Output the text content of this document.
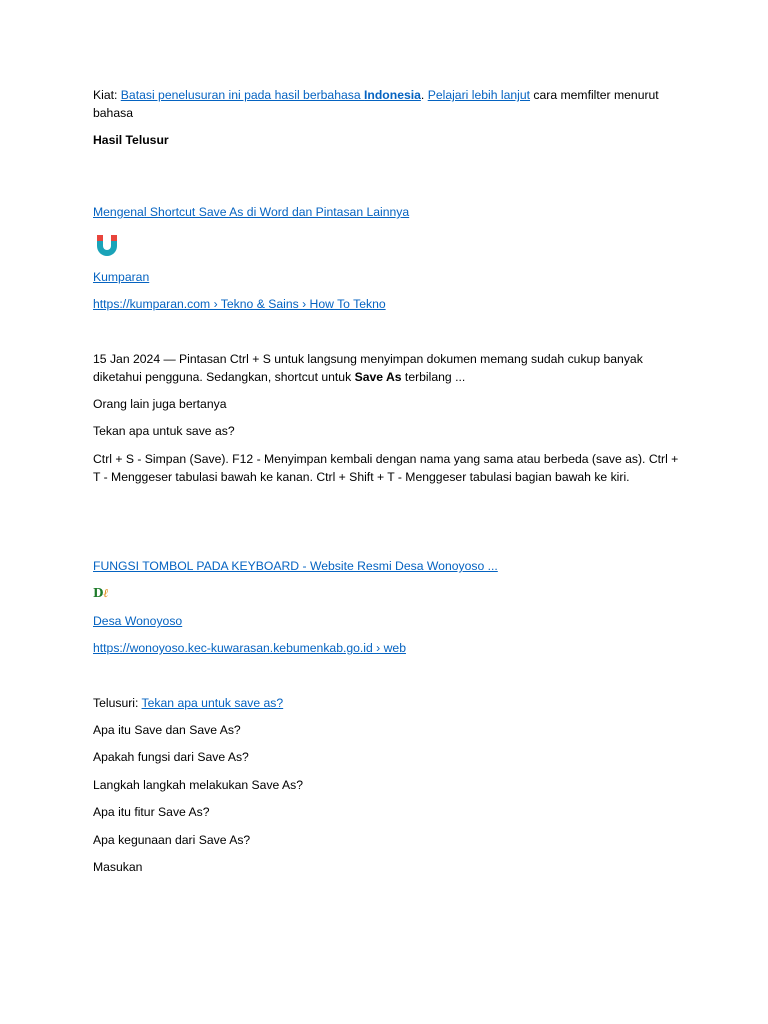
Kiat: Batasi penelusuran ini pada hasil berbahasa Indonesia. Pelajari lebih lanjut cara memfilter menurut bahasa
Hasil Telusur
Mengenal Shortcut Save As di Word dan Pintasan Lainnya
Kumparan
https://kumparan.com › Tekno & Sains › How To Tekno
15 Jan 2024 — Pintasan Ctrl + S untuk langsung menyimpan dokumen memang sudah cukup banyak diketahui pengguna. Sedangkan, shortcut untuk Save As terbilang ...
Orang lain juga bertanya
Tekan apa untuk save as?
Ctrl + S - Simpan (Save). F12 - Menyimpan kembali dengan nama yang sama atau berbeda (save as). Ctrl + T - Menggeser tabulasi bawah ke kanan. Ctrl + Shift + T - Menggeser tabulasi bagian bawah ke kiri.
FUNGSI TOMBOL PADA KEYBOARD - Website Resmi Desa Wonoyoso ...
Dℓ
Desa Wonoyoso
https://wonoyoso.kec-kuwarasan.kebumenkab.go.id › web
Telusuri: Tekan apa untuk save as?
Apa itu Save dan Save As?
Apakah fungsi dari Save As?
Langkah langkah melakukan Save As?
Apa itu fitur Save As?
Apa kegunaan dari Save As?
Masukan
